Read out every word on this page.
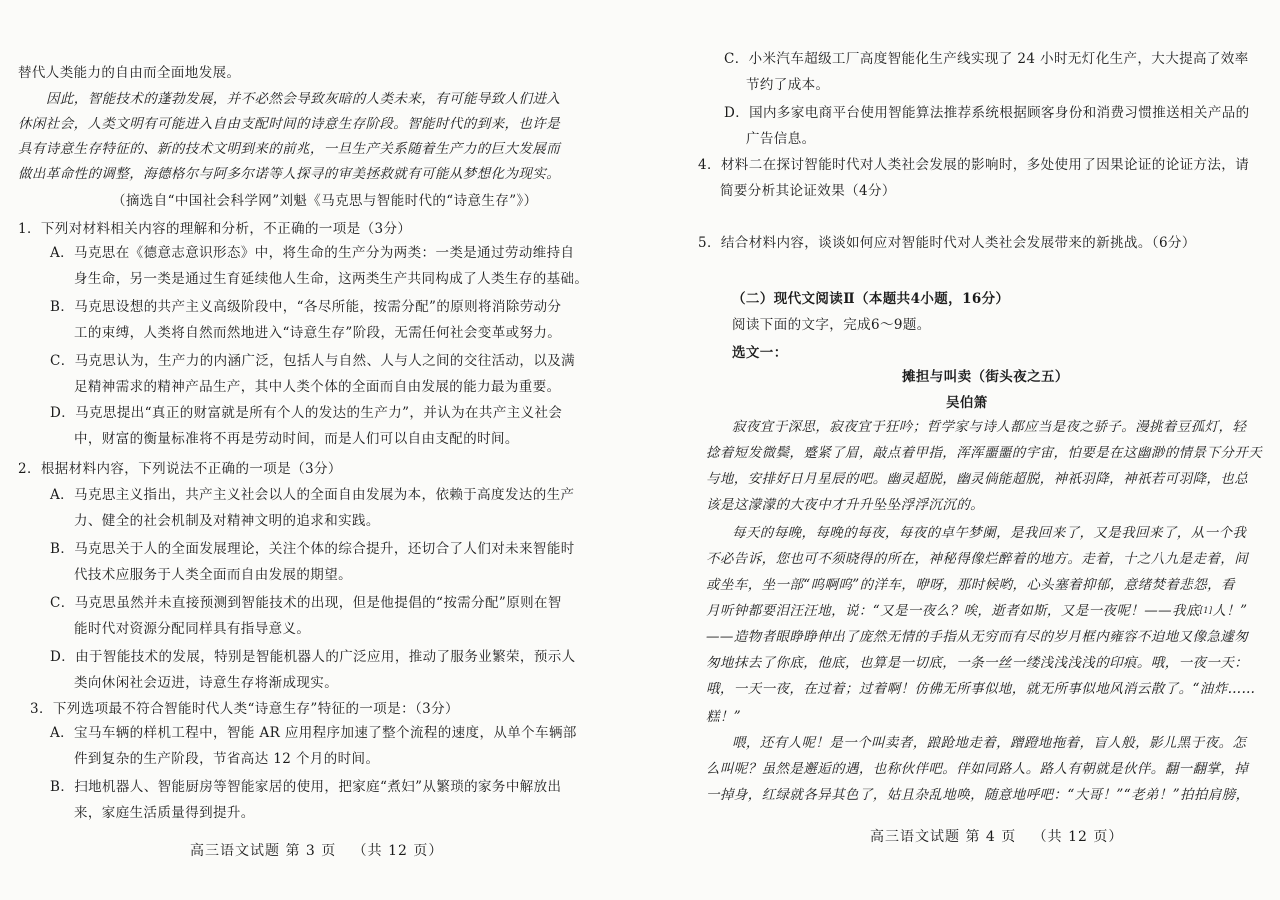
替代人类能力的自由而全面地发展。

因此，智能技术的蓬勃发展，并不必然会导致灰暗的人类未来，有可能导致人们进入

休闲社会，人类文明有可能进入自由支配时间的诗意生存阶段。智能时代的到来，也许是

具有诗意生存特征的、新的技术文明到来的前兆，一旦生产关系随着生产力的巨大发展而

做出革命性的调整，海德格尔与阿多尔诺等人探寻的审美拯救就有可能从梦想化为现实。

（摘选自“中国社会科学网”刘魁《马克思与智能时代的“诗意生存”》）

1．下列对材料相关内容的理解和分析，不正确的一项是（3分）

A．马克思在《德意志意识形态》中，将生命的生产分为两类：一类是通过劳动维持自

身生命，另一类是通过生育延续他人生命，这两类生产共同构成了人类生存的基础。

B．马克思设想的共产主义高级阶段中，“各尽所能，按需分配”的原则将消除劳动分

工的束缚，人类将自然而然地进入“诗意生存”阶段，无需任何社会变革或努力。

C．马克思认为，生产力的内涵广泛，包括人与自然、人与人之间的交往活动，以及满

足精神需求的精神产品生产，其中人类个体的全面而自由发展的能力最为重要。

D．马克思提出“真正的财富就是所有个人的发达的生产力”，并认为在共产主义社会

中，财富的衡量标准将不再是劳动时间，而是人们可以自由支配的时间。

2．根据材料内容，下列说法不正确的一项是（3分）

A．马克思主义指出，共产主义社会以人的全面自由发展为本，依赖于高度发达的生产

力、健全的社会机制及对精神文明的追求和实践。

B．马克思关于人的全面发展理论，关注个体的综合提升，还切合了人们对未来智能时

代技术应服务于人类全面而自由发展的期望。

C．马克思虽然并未直接预测到智能技术的出现，但是他提倡的“按需分配”原则在智

能时代对资源分配同样具有指导意义。

D．由于智能技术的发展，特别是智能机器人的广泛应用，推动了服务业繁荣，预示人

类向休闲社会迈进，诗意生存将渐成现实。

3．下列选项最不符合智能时代人类“诗意生存”特征的一项是：（3分）

A．宝马车辆的样机工程中，智能 AR 应用程序加速了整个流程的速度，从单个车辆部

件到复杂的生产阶段，节省高达 12 个月的时间。

B．扫地机器人、智能厨房等智能家居的使用，把家庭“煮妇”从繁琐的家务中解放出

来，家庭生活质量得到提升。

高三语文试题 第 3 页 （共 12 页）

C．小米汽车超级工厂高度智能化生产线实现了 24 小时无灯化生产，大大提高了效率

节约了成本。

D．国内多家电商平台使用智能算法推荐系统根据顾客身份和消费习惯推送相关产品的

广告信息。

4．材料二在探讨智能时代对人类社会发展的影响时，多处使用了因果论证的论证方法，请

简要分析其论证效果（4分）

5．结合材料内容，谈谈如何应对智能时代对人类社会发展带来的新挑战。（6分）

（二）现代文阅读Ⅱ（本题共4小题，16分）

阅读下面的文字，完成6～9题。

选文一：

摊担与叫卖（街头夜之五）

吴伯箫

寂夜宜于深思，寂夜宜于狂吟；哲学家与诗人都应当是夜之骄子。漫挑着豆孤灯，轻

捻着短发微鬓，蹙紧了眉，敲点着甲指，浑浑噩噩的宇宙，怕要是在这幽渺的情景下分开天

与地，安排好日月星辰的吧。幽灵超脱，幽灵倘能超脱，神祇羽降，神祇若可羽降，也总

该是这濛濛的大夜中才升升坠坠浮浮沉沉的。

每天的每晚，每晚的每夜，每夜的卓午梦阑，是我回来了，又是我回来了，从一个我

不必告诉，您也可不须晓得的所在，神秘得像烂醉着的地方。走着，十之八九是走着，间

或坐车，坐一部“呜啊呜”的洋车，咿呀，那时候哟，心头塞着抑郁，意绪焚着悲怨，看

月听钟都要泪汪汪地，说：“又是一夜么？唉，逝者如斯，又是一夜呢！——我底[1]人！”

——造物者眼睁睁伸出了庞然无情的手指从无穷而有尽的岁月框内雍容不迫地又像急遽匆

匆地抹去了你底，他底，也算是一切底，一条一丝一缕浅浅浅浅的印痕。哦，一夜一天：

哦，一天一夜，在过着；过着啊！仿佛无所事似地，就无所事似地风消云散了。“油炸……

糕！”

喂，还有人呢！是一个叫卖者，踉跄地走着，蹭蹬地拖着，盲人般，影儿黑于夜。怎

么叫呢？虽然是邂逅的遇，也称伙伴吧。伴如同路人。路人有朝就是伙伴。翻一翻掌，掉

一掉身，红绿就各异其色了，姑且杂乱地唤，随意地呼吧：“大哥！”“老弟！”拍拍肩膀，

高三语文试题 第 4 页 （共 12 页）
